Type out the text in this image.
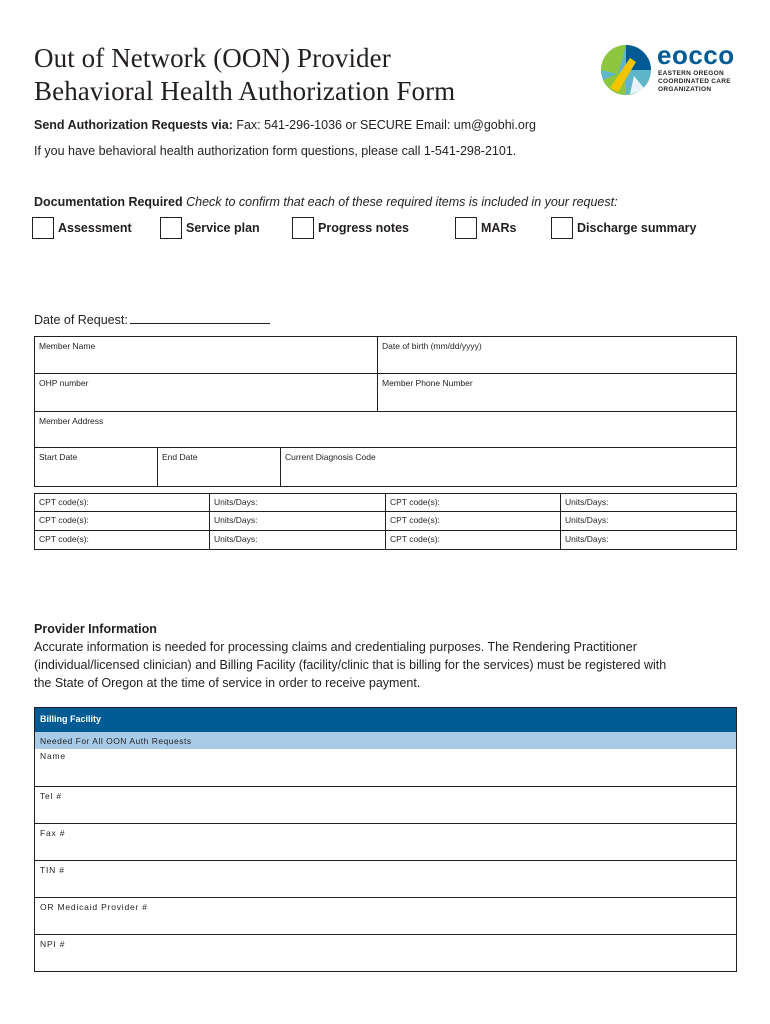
Out of Network (OON) Provider
Behavioral Health Authorization Form
eocco
EASTERN OREGON
COORDINATED CARE
ORGANIZATION
Send Authorization Requests via: Fax: 541-296-1036 or SECURE Email: um@gobhi.org
If you have behavioral health authorization form questions, please call 1-541-298-2101.
Documentation Required Check to confirm that each of these required items is included in your request:
Assessment	Service plan	Progress notes	MARs	Discharge summary
Date of Request:
Member Name	Date of birth (mm/dd/yyyy)
OHP number	Member Phone Number
Member Address
Start Date	End Date	Current Diagnosis Code
CPT code(s):	Units/Days:	CPT code(s):	Units/Days:
CPT code(s):	Units/Days:	CPT code(s):	Units/Days:
CPT code(s):	Units/Days:	CPT code(s):	Units/Days:
Provider Information
Accurate information is needed for processing claims and credentialing purposes. The Rendering Practitioner
(individual/licensed clinician) and Billing Facility (facility/clinic that is billing for the services) must be registered with
the State of Oregon at the time of service in order to receive payment.
Billing Facility
Needed For All OON Auth Requests
Name
Tel #
Fax #
TIN #
OR Medicaid Provider #
NPI #
